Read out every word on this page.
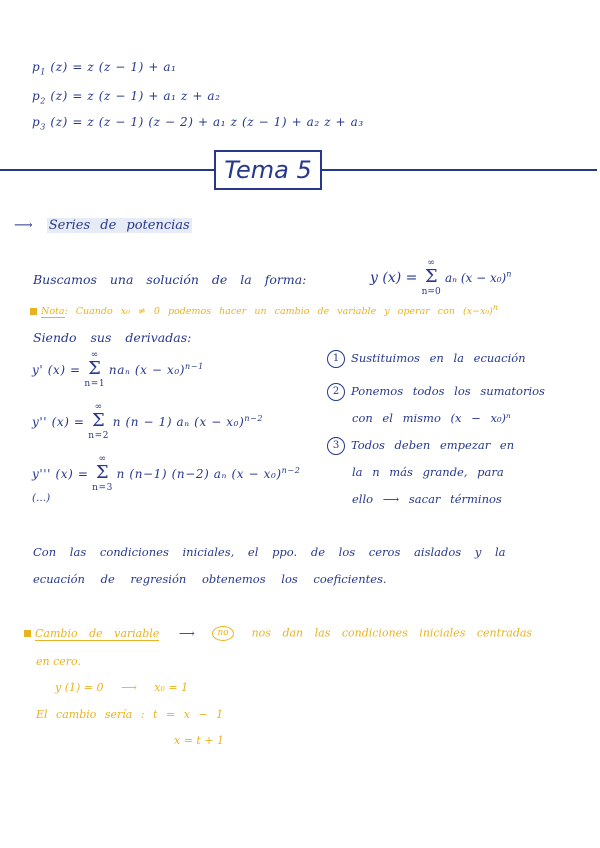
$p_1$ (z) = z (z − 1) + a₁
$p_2$ (z) = z (z − 1) + a₁ z + a₂
$p_3$ (z) = z (z − 1) (z − 2) + a₁ z (z − 1) + a₂ z + a₃
Tema 5
⟶ Series de potencias
Buscamos una solución de la forma:	y (x) =
∞
Σ
n=0
aₙ $(x - x_0)^n$
Nota: Cuando x₀ ≠ 0 podemos hacer un cambio de variable y operar con $(x-x_0)^n$
Siendo sus derivadas:
y' (x) =
∞
Σ
n=1
naₙ $(x - x_0)^{n-1}$
y'' (x) =
∞
Σ
n=2
n (n − 1) aₙ $(x - x_0)^{n-2}$
y''' (x) =
∞
Σ
n=3
n (n−1) (n−2) aₙ $(x - x_0)^{n-2}$
(...)
1 Sustituimos en la ecuación
2 Ponemos todos los sumatorios
con el mismo (x − x₀)ⁿ
3 Todos deben empezar en
la n más grande, para
ello ⟶ sacar términos
Con las condiciones iniciales, el ppo. de los ceros aislados y la
ecuación de regresión obtenemos los coeficientes.
Cambio de variable ⟶	no nos dan las condiciones iniciales centradas
en cero.
y (1) = 0 ⟶ x₀ = 1
El cambio sería : t = x − 1
x = t + 1
